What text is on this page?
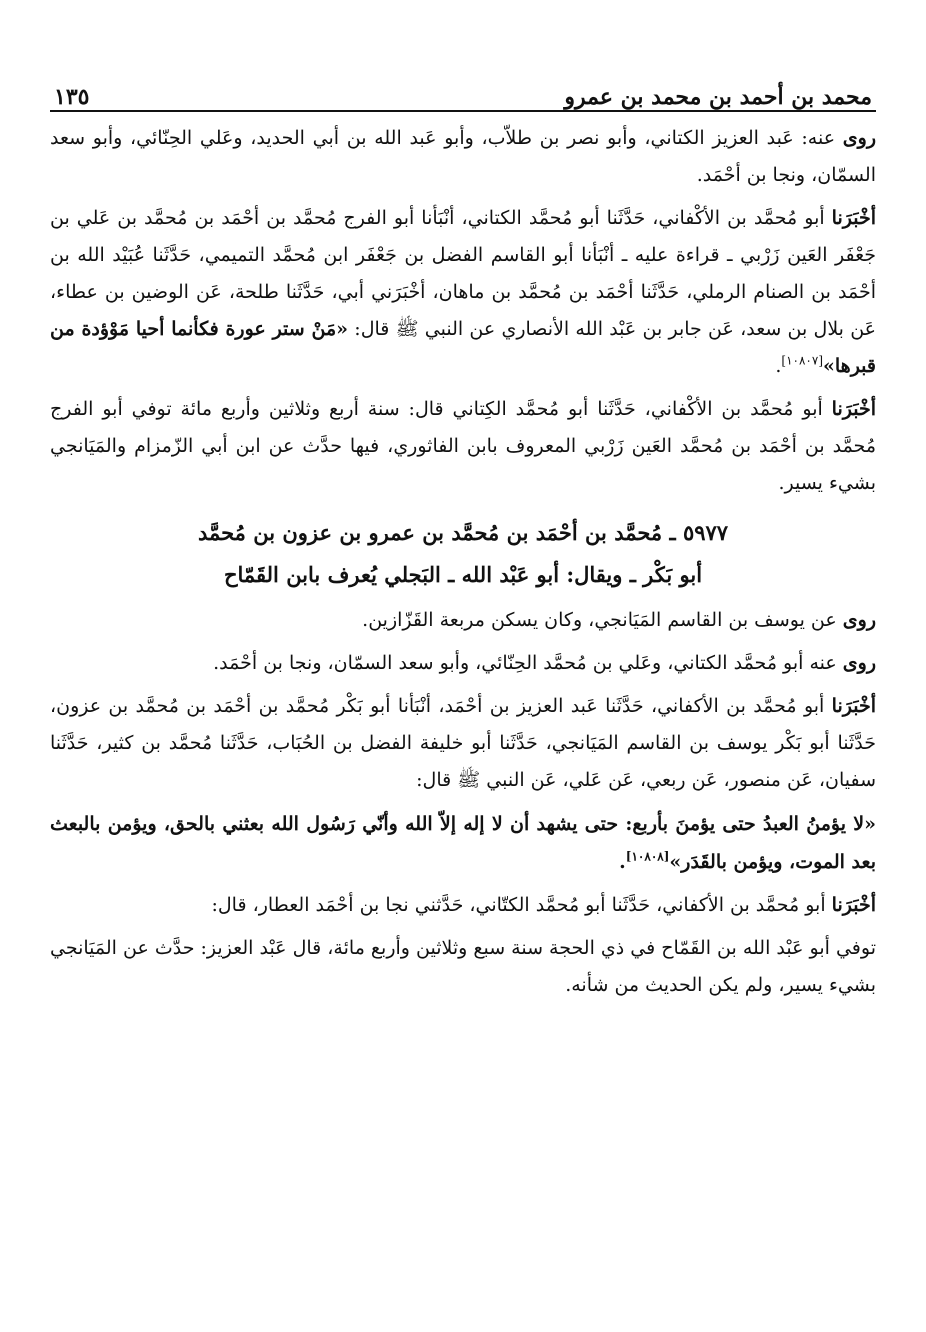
محمد بن أحمد بن محمد بن عمرو
١٣٥

روى عنه: عَبد العزيز الكتاني، وأبو نصر بن طلاّب، وأبو عَبد الله بن أبي الحديد، وعَلي الحِنّائي، وأبو سعد السمّان، ونجا بن أحْمَد.

أخْبَرَنا أبو مُحمَّد بن الأكْفاني، حَدَّثَنا أبو مُحمَّد الكتاني، أنْبَأنا أبو الفرج مُحمَّد بن أحْمَد بن مُحمَّد بن عَلي بن جَعْفَر العَين زَرْبي ـ قراءة عليه ـ أنْبَأنا أبو القاسم الفضل بن جَعْفَر ابن مُحمَّد التميمي، حَدَّثَنا عُبَيْد الله بن أحْمَد بن الصنام الرملي، حَدَّثَنا أحْمَد بن مُحمَّد بن ماهان، أخْبَرَني أبي، حَدَّثَنا طلحة، عَن الوضين بن عطاء، عَن بلال بن سعد، عَن جابر بن عَبْد الله الأنصاري عن النبي ﷺ قال: «مَنْ ستر عورة فكأنما أحيا مَوْؤدة من قبرها»[١٠٨٠٧].

أخْبَرَنا أبو مُحمَّد بن الأكْفاني، حَدَّثَنا أبو مُحمَّد الكِتاني قال: سنة أربع وثلاثين وأربع مائة توفي أبو الفرج مُحمَّد بن أحْمَد بن مُحمَّد العَين زَرْبي المعروف بابن الفاثوري، فيها حدَّث عن ابن أبي الزّمزام والمَيَانجي بشيء يسير.

٥٩٧٧ ـ مُحمَّد بن أحْمَد بن مُحمَّد بن عمرو بن عزون بن مُحمَّد
أبو بَكْر ـ ويقال: أبو عَبْد الله ـ البَجلي يُعرف بابن القَمّاح

روى عن يوسف بن القاسم المَيَانجي، وكان يسكن مربعة القَزّازين.

روى عنه أبو مُحمَّد الكتاني، وعَلي بن مُحمَّد الحِنّائي، وأبو سعد السمّان، ونجا بن أحْمَد.

أخْبَرَنا أبو مُحمَّد بن الأكفاني، حَدَّثَنا عَبد العزيز بن أحْمَد، أنْبَأنا أبو بَكْر مُحمَّد بن أحْمَد بن مُحمَّد بن عزون، حَدَّثَنا أبو بَكْر يوسف بن القاسم المَيَانجي، حَدَّثَنا أبو خليفة الفضل بن الحُبَاب، حَدَّثَنا مُحمَّد بن كثير، حَدَّثَنا سفيان، عَن منصور، عَن ربعي، عَن عَلي، عَن النبي ﷺ قال:

«لا يؤمنُ العبدُ حتى يؤمنَ بأربع: حتى يشهد أن لا إله إلاّ الله وأنّي رَسُول الله بعثني بالحق، ويؤمن بالبعث بعد الموت، ويؤمن بالقَدَر»[١٠٨٠٨].

أخْبَرَنا أبو مُحمَّد بن الأكفاني، حَدَّثَنا أبو مُحمَّد الكتّاني، حَدَّثني نجا بن أحْمَد العطار، قال:

توفي أبو عَبْد الله بن القَمّاح في ذي الحجة سنة سبع وثلاثين وأربع مائة، قال عَبْد العزيز: حدَّث عن المَيَانجي بشيء يسير، ولم يكن الحديث من شأنه.
